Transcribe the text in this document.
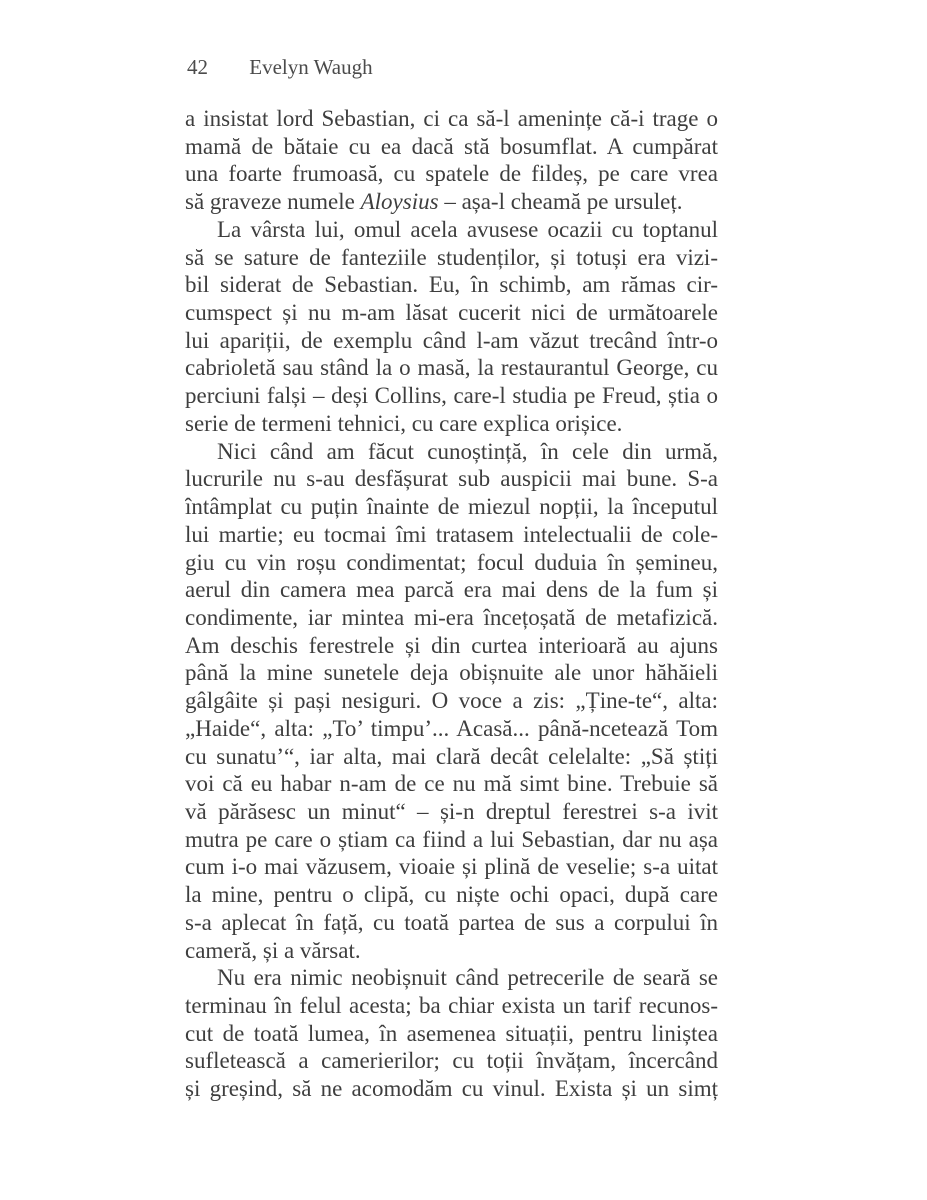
42 Evelyn Waugh
a insistat lord Sebastian, ci ca să-l amenințe că-i trage o
mamă de bătaie cu ea dacă stă bosumflat. A cumpărat
una foarte frumoasă, cu spatele de fildeș, pe care vrea
să graveze numele Aloysius – așa-l cheamă pe ursuleț.
La vârsta lui, omul acela avusese ocazii cu toptanul
să se sature de fanteziile studenților, și totuși era vizi-
bil siderat de Sebastian. Eu, în schimb, am rămas cir-
cumspect și nu m-am lăsat cucerit nici de următoarele
lui apariții, de exemplu când l-am văzut trecând într-o
cabrioletă sau stând la o masă, la restaurantul George, cu
perciuni falși – deși Collins, care-l studia pe Freud, știa o
serie de termeni tehnici, cu care explica orișice.
Nici când am făcut cunoștință, în cele din urmă,
lucrurile nu s-au desfășurat sub auspicii mai bune. S-a
întâmplat cu puțin înainte de miezul nopții, la începutul
lui martie; eu tocmai îmi tratasem intelectualii de cole-
giu cu vin roșu condimentat; focul duduia în șemineu,
aerul din camera mea parcă era mai dens de la fum și
condimente, iar mintea mi-era încețoșată de metafizică.
Am deschis ferestrele și din curtea interioară au ajuns
până la mine sunetele deja obișnuite ale unor hăhăieli
gâlgâite și pași nesiguri. O voce a zis: „Ține-te“, alta:
„Haide“, alta: „To’ timpu’... Acasă... până-ncetează Tom
cu sunatu’“, iar alta, mai clară decât celelalte: „Să știți
voi că eu habar n-am de ce nu mă simt bine. Trebuie să
vă părăsesc un minut“ – și-n dreptul ferestrei s-a ivit
mutra pe care o știam ca fiind a lui Sebastian, dar nu așa
cum i-o mai văzusem, vioaie și plină de veselie; s-a uitat
la mine, pentru o clipă, cu niște ochi opaci, după care
s-a aplecat în față, cu toată partea de sus a corpului în
cameră, și a vărsat.
Nu era nimic neobișnuit când petrecerile de seară se
terminau în felul acesta; ba chiar exista un tarif recunos-
cut de toată lumea, în asemenea situații, pentru liniștea
sufletească a camerierilor; cu toții învățam, încercând
și greșind, să ne acomodăm cu vinul. Exista și un simț
